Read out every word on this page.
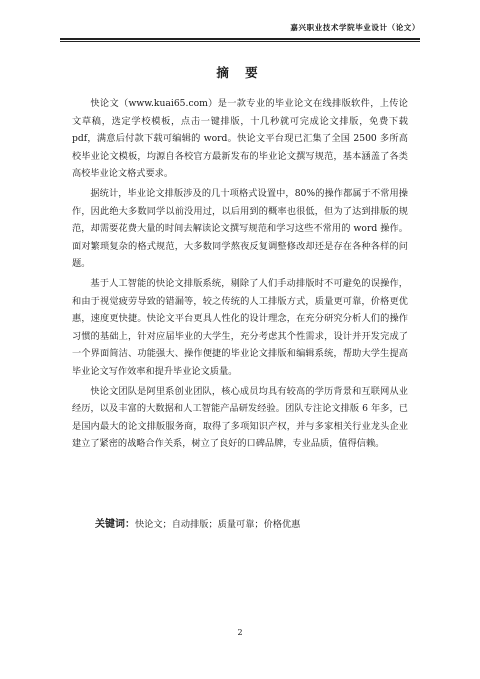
嘉兴职业技术学院毕业设计（论文）
摘 要

快论文（www.kuai65.com）是一款专业的毕业论文在线排版软件，上传论文草稿，选定学校模板，点击一键排版，十几秒就可完成论文排版，免费下载 pdf，满意后付款下载可编辑的 word。快论文平台现已汇集了全国 2500 多所高校毕业论文模板，均源自各校官方最新发布的毕业论文撰写规范，基本涵盖了各类高校毕业论文格式要求。

据统计，毕业论文排版涉及的几十项格式设置中，80%的操作都属于不常用操作，因此绝大多数同学以前没用过，以后用到的概率也很低，但为了达到排版的规范，却需要花费大量的时间去解读论文撰写规范和学习这些不常用的 word 操作。面对繁琐复杂的格式规范，大多数同学熬夜反复调整修改却还是存在各种各样的问题。

基于人工智能的快论文排版系统，剔除了人们手动排版时不可避免的误操作，和由于视觉疲劳导致的错漏等，较之传统的人工排版方式，质量更可靠，价格更优惠，速度更快捷。快论文平台更具人性化的设计理念，在充分研究分析人们的操作习惯的基础上，针对应届毕业的大学生，充分考虑其个性需求，设计并开发完成了一个界面简洁、功能强大、操作便捷的毕业论文排版和编辑系统，帮助大学生提高毕业论文写作效率和提升毕业论文质量。

快论文团队是阿里系创业团队，核心成员均具有较高的学历背景和互联网从业经历，以及丰富的大数据和人工智能产品研发经验。团队专注论文排版 6 年多，已是国内最大的论文排版服务商，取得了多项知识产权，并与多家相关行业龙头企业建立了紧密的战略合作关系，树立了良好的口碑品牌，专业品质，值得信赖。

关键词：快论文；自动排版；质量可靠；价格优惠
2
